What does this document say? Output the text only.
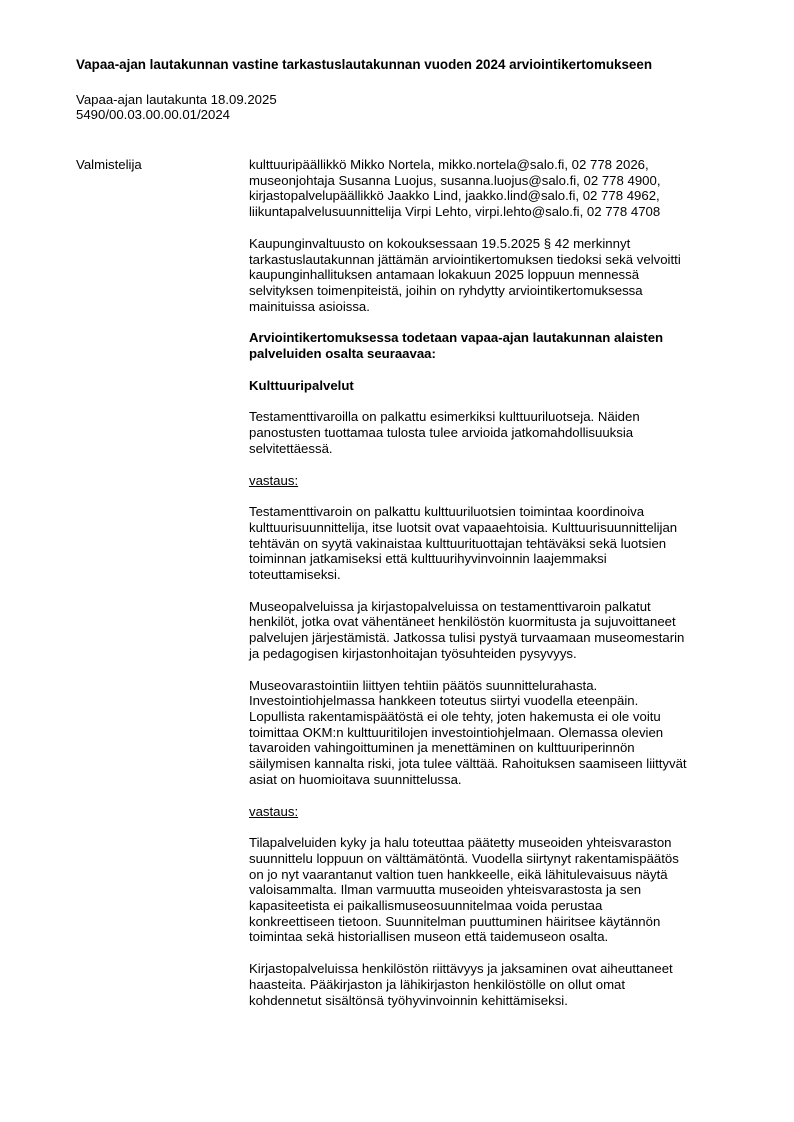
Vapaa-ajan lautakunnan vastine tarkastuslautakunnan vuoden 2024 arviointikertomukseen
Vapaa-ajan lautakunta 18.09.2025
5490/00.03.00.00.01/2024
Valmistelija	kulttuuripäällikkö Mikko Nortela, mikko.nortela@salo.fi, 02 778 2026,
museonjohtaja Susanna Luojus, susanna.luojus@salo.fi, 02 778 4900,
kirjastopalvelupäällikkö Jaakko Lind, jaakko.lind@salo.fi, 02 778 4962,
liikuntapalvelusuunnittelija Virpi Lehto, virpi.lehto@salo.fi, 02 778 4708

Kaupunginvaltuusto on kokouksessaan 19.5.2025 § 42 merkinnyt
tarkastuslautakunnan jättämän arviointikertomuksen tiedoksi sekä velvoitti
kaupunginhallituksen antamaan lokakuun 2025 loppuun mennessä
selvityksen toimenpiteistä, joihin on ryhdytty arviointikertomuksessa
mainituissa asioissa.

Arviointikertomuksessa todetaan vapaa-ajan lautakunnan alaisten
palveluiden osalta seuraavaa:

Kulttuuripalvelut

Testamenttivaroilla on palkattu esimerkiksi kulttuuriluotseja. Näiden
panostusten tuottamaa tulosta tulee arvioida jatkomahdollisuuksia
selvitettäessä.

vastaus:

Testamenttivaroin on palkattu kulttuuriluotsien toimintaa koordinoiva
kulttuurisuunnittelija, itse luotsit ovat vapaaehtoisia. Kulttuurisuunnittelijan
tehtävän on syytä vakinaistaa kulttuurituottajan tehtäväksi sekä luotsien
toiminnan jatkamiseksi että kulttuurihyvinvoinnin laajemmaksi
toteuttamiseksi.

Museopalveluissa ja kirjastopalveluissa on testamenttivaroin palkatut
henkilöt, jotka ovat vähentäneet henkilöstön kuormitusta ja sujuvoittaneet
palvelujen järjestämistä. Jatkossa tulisi pystyä turvaamaan museomestarin
ja pedagogisen kirjastonhoitajan työsuhteiden pysyvyys.

Museovarastointiin liittyen tehtiin päätös suunnittelurahasta.
Investointiohjelmassa hankkeen toteutus siirtyi vuodella eteenpäin.
Lopullista rakentamispäätöstä ei ole tehty, joten hakemusta ei ole voitu
toimittaa OKM:n kulttuuritilojen investointiohjelmaan. Olemassa olevien
tavaroiden vahingoittuminen ja menettäminen on kulttuuriperinnön
säilymisen kannalta riski, jota tulee välttää. Rahoituksen saamiseen liittyvät
asiat on huomioitava suunnittelussa.

vastaus:

Tilapalveluiden kyky ja halu toteuttaa päätetty museoiden yhteisvaraston
suunnittelu loppuun on välttämätöntä. Vuodella siirtynyt rakentamispäätös
on jo nyt vaarantanut valtion tuen hankkeelle, eikä lähitulevaisuus näytä
valoisammalta. Ilman varmuutta museoiden yhteisvarastosta ja sen
kapasiteetista ei paikallismuseosuunnitelmaa voida perustaa
konkreettiseen tietoon. Suunnitelman puuttuminen häiritsee käytännön
toimintaa sekä historiallisen museon että taidemuseon osalta.

Kirjastopalveluissa henkilöstön riittävyys ja jaksaminen ovat aiheuttaneet
haasteita. Pääkirjaston ja lähikirjaston henkilöstölle on ollut omat
kohdennetut sisältönsä työhyvinvoinnin kehittämiseksi.
